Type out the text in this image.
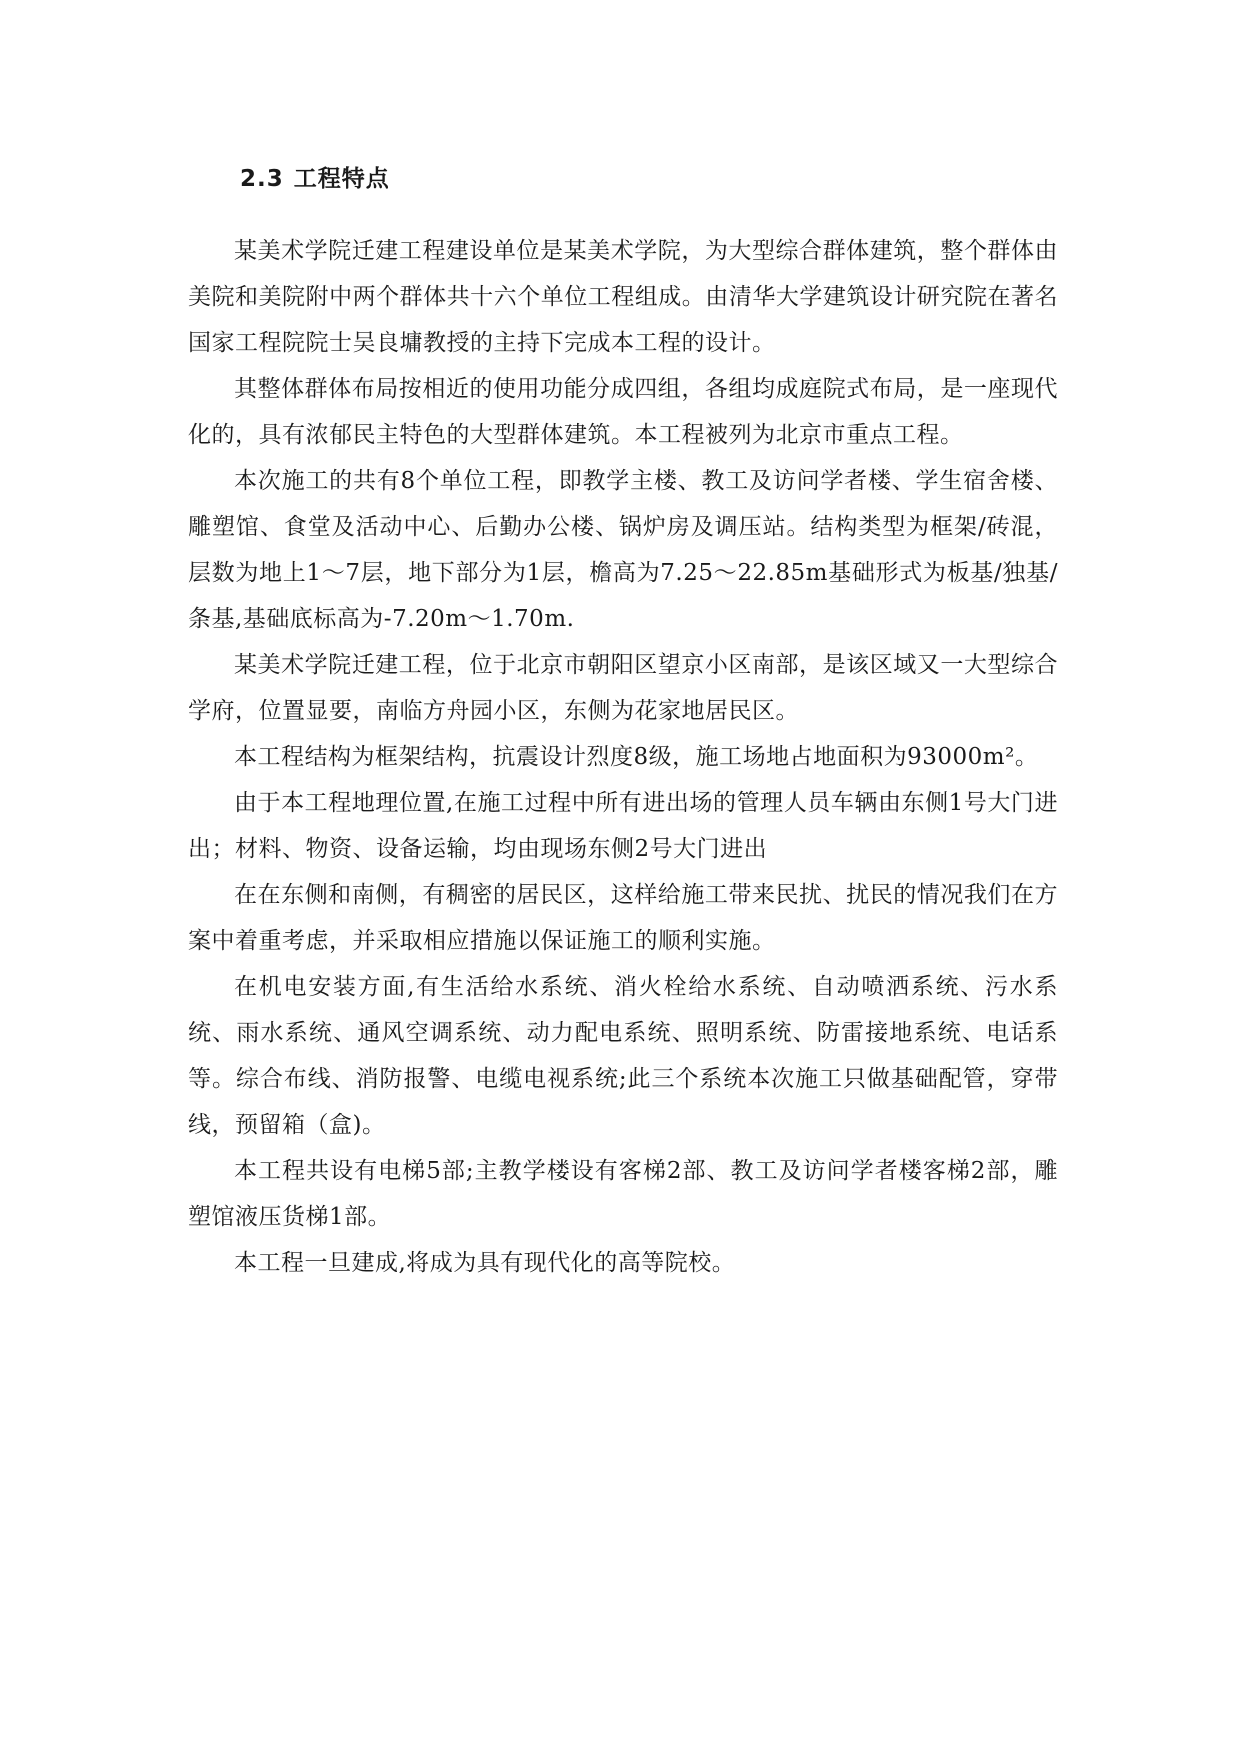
2.3 工程特点

某美术学院迁建工程建设单位是某美术学院，为大型综合群体建筑，整个群体由美院和美院附中两个群体共十六个单位工程组成。由清华大学建筑设计研究院在著名国家工程院院士吴良墉教授的主持下完成本工程的设计。

其整体群体布局按相近的使用功能分成四组，各组均成庭院式布局，是一座现代化的，具有浓郁民主特色的大型群体建筑。本工程被列为北京市重点工程。

本次施工的共有8个单位工程，即教学主楼、教工及访问学者楼、学生宿舍楼、雕塑馆、食堂及活动中心、后勤办公楼、锅炉房及调压站。结构类型为框架/砖混，层数为地上1～7层，地下部分为1层，檐高为7.25～22.85m基础形式为板基/独基/条基,基础底标高为-7.20m～1.70m.

某美术学院迁建工程，位于北京市朝阳区望京小区南部，是该区域又一大型综合学府，位置显要，南临方舟园小区，东侧为花家地居民区。

本工程结构为框架结构，抗震设计烈度8级，施工场地占地面积为93000m²。

由于本工程地理位置,在施工过程中所有进出场的管理人员车辆由东侧1号大门进出；材料、物资、设备运输，均由现场东侧2号大门进出

在在东侧和南侧，有稠密的居民区，这样给施工带来民扰、扰民的情况我们在方案中着重考虑，并采取相应措施以保证施工的顺利实施。

在机电安装方面,有生活给水系统、消火栓给水系统、自动喷洒系统、污水系统、雨水系统、通风空调系统、动力配电系统、照明系统、防雷接地系统、电话系等。综合布线、消防报警、电缆电视系统;此三个系统本次施工只做基础配管，穿带线，预留箱（盒)。

本工程共设有电梯5部;主教学楼设有客梯2部、教工及访问学者楼客梯2部，雕塑馆液压货梯1部。

本工程一旦建成,将成为具有现代化的高等院校。
